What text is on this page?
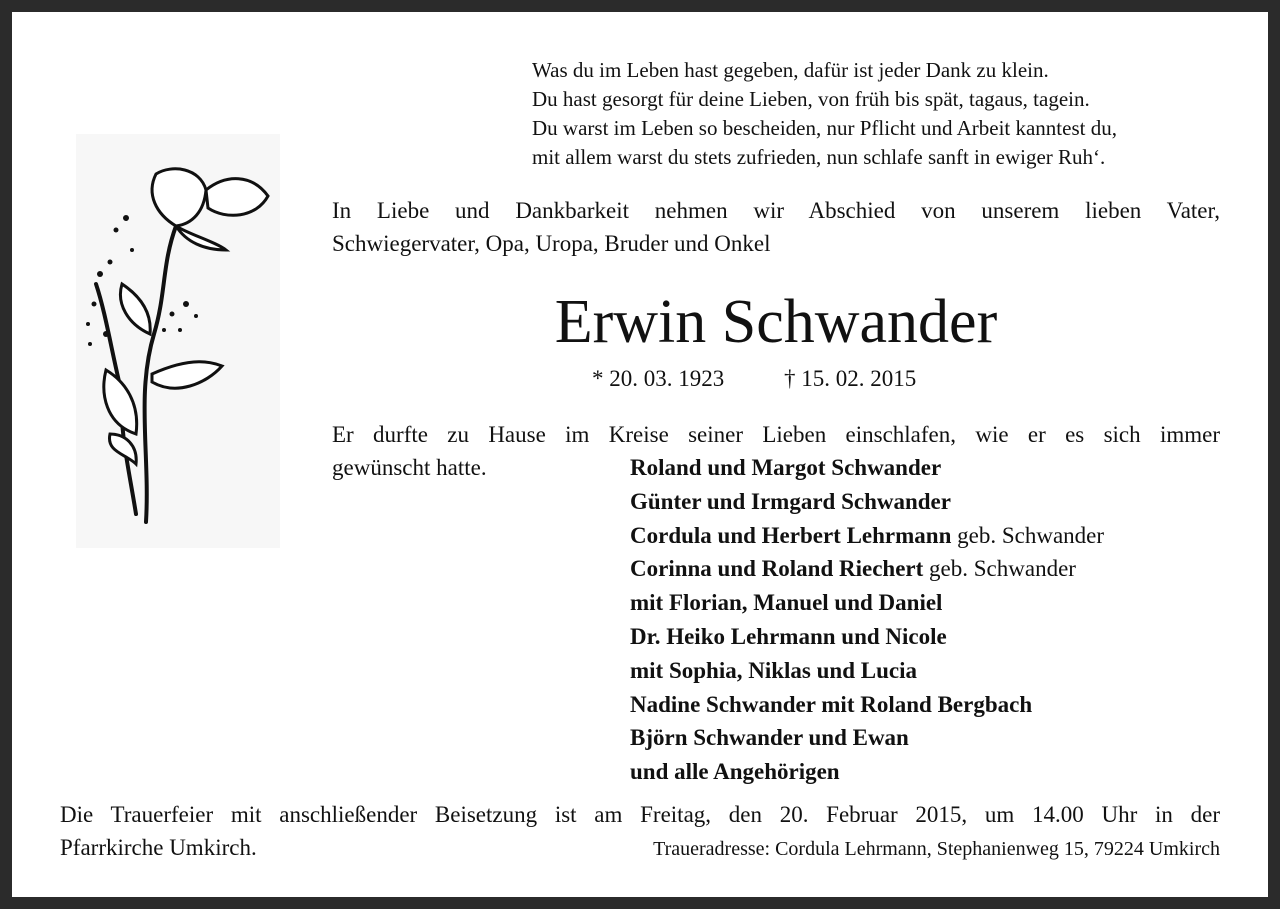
Was du im Leben hast gegeben, dafür ist jeder Dank zu klein.
Du hast gesorgt für deine Lieben, von früh bis spät, tagaus, tagein.
Du warst im Leben so bescheiden, nur Pflicht und Arbeit kanntest du,
mit allem warst du stets zufrieden, nun schlafe sanft in ewiger Ruh‘.
In Liebe und Dankbarkeit nehmen wir Abschied von unserem lieben Vater,
Schwiegervater, Opa, Uropa, Bruder und Onkel
Erwin Schwander
* 20. 03. 1923	† 15. 02. 2015
Er durfte zu Hause im Kreise seiner Lieben einschlafen, wie er es sich immer
gewünscht hatte.	Roland und Margot Schwander
Günter und Irmgard Schwander
Cordula und Herbert Lehrmann geb. Schwander
Corinna und Roland Riechert geb. Schwander
mit Florian, Manuel und Daniel
Dr. Heiko Lehrmann und Nicole
mit Sophia, Niklas und Lucia
Nadine Schwander mit Roland Bergbach
Björn Schwander und Ewan
und alle Angehörigen
Die Trauerfeier mit anschließender Beisetzung ist am Freitag, den 20. Februar 2015, um 14.00 Uhr in der
Pfarrkirche Umkirch.	Traueradresse: Cordula Lehrmann, Stephanienweg 15, 79224 Umkirch
